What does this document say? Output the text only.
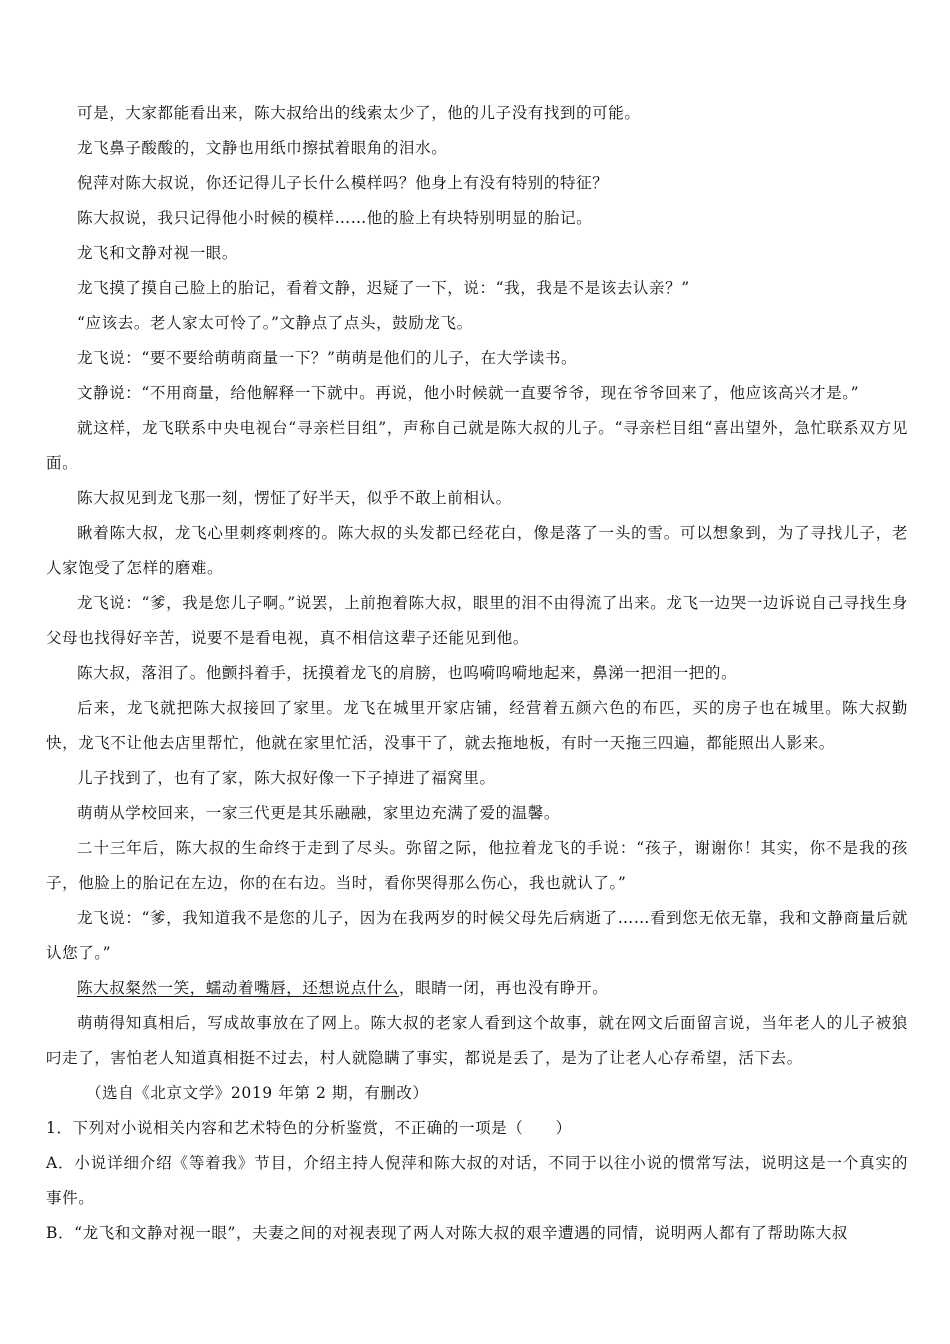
可是，大家都能看出来，陈大叔给出的线索太少了，他的儿子没有找到的可能。

龙飞鼻子酸酸的，文静也用纸巾擦拭着眼角的泪水。

倪萍对陈大叔说，你还记得儿子长什么模样吗？他身上有没有特别的特征？

陈大叔说，我只记得他小时候的模样……他的脸上有块特别明显的胎记。

龙飞和文静对视一眼。

龙飞摸了摸自己脸上的胎记，看着文静，迟疑了一下，说：“我，我是不是该去认亲？”

“应该去。老人家太可怜了。”文静点了点头，鼓励龙飞。

龙飞说：“要不要给萌萌商量一下？”萌萌是他们的儿子，在大学读书。

文静说：“不用商量，给他解释一下就中。再说，他小时候就一直要爷爷，现在爷爷回来了，他应该高兴才是。”

就这样，龙飞联系中央电视台“寻亲栏目组”，声称自己就是陈大叔的儿子。“寻亲栏目组“喜出望外，急忙联系双方见面。

陈大叔见到龙飞那一刻，愣怔了好半天，似乎不敢上前相认。

瞅着陈大叔，龙飞心里刺疼刺疼的。陈大叔的头发都已经花白，像是落了一头的雪。可以想象到，为了寻找儿子，老人家饱受了怎样的磨难。

龙飞说：“爹，我是您儿子啊。”说罢，上前抱着陈大叔，眼里的泪不由得流了出来。龙飞一边哭一边诉说自己寻找生身父母也找得好辛苦，说要不是看电视，真不相信这辈子还能见到他。

陈大叔，落泪了。他颤抖着手，抚摸着龙飞的肩膀，也呜嗬呜嗬地起来，鼻涕一把泪一把的。

后来，龙飞就把陈大叔接回了家里。龙飞在城里开家店铺，经营着五颜六色的布匹，买的房子也在城里。陈大叔勤快，龙飞不让他去店里帮忙，他就在家里忙活，没事干了，就去拖地板，有时一天拖三四遍，都能照出人影来。

儿子找到了，也有了家，陈大叔好像一下子掉进了福窝里。

萌萌从学校回来，一家三代更是其乐融融，家里边充满了爱的温馨。

二十三年后，陈大叔的生命终于走到了尽头。弥留之际，他拉着龙飞的手说：“孩子，谢谢你！其实，你不是我的孩子，他脸上的胎记在左边，你的在右边。当时，看你哭得那么伤心，我也就认了。”

龙飞说：“爹，我知道我不是您的儿子，因为在我两岁的时候父母先后病逝了……看到您无依无靠，我和文静商量后就认您了。”

陈大叔粲然一笑，蠕动着嘴唇，还想说点什么，眼睛一闭，再也没有睁开。

萌萌得知真相后，写成故事放在了网上。陈大叔的老家人看到这个故事，就在网文后面留言说，当年老人的儿子被狼叼走了，害怕老人知道真相挺不过去，村人就隐瞒了事实，都说是丢了，是为了让老人心存希望，活下去。

（选自《北京文学》2019 年第 2 期，有删改）

1．下列对小说相关内容和艺术特色的分析鉴赏，不正确的一项是（　　）

A．小说详细介绍《等着我》节目，介绍主持人倪萍和陈大叔的对话，不同于以往小说的惯常写法，说明这是一个真实的事件。

B．“龙飞和文静对视一眼”，夫妻之间的对视表现了两人对陈大叔的艰辛遭遇的同情，说明两人都有了帮助陈大叔
